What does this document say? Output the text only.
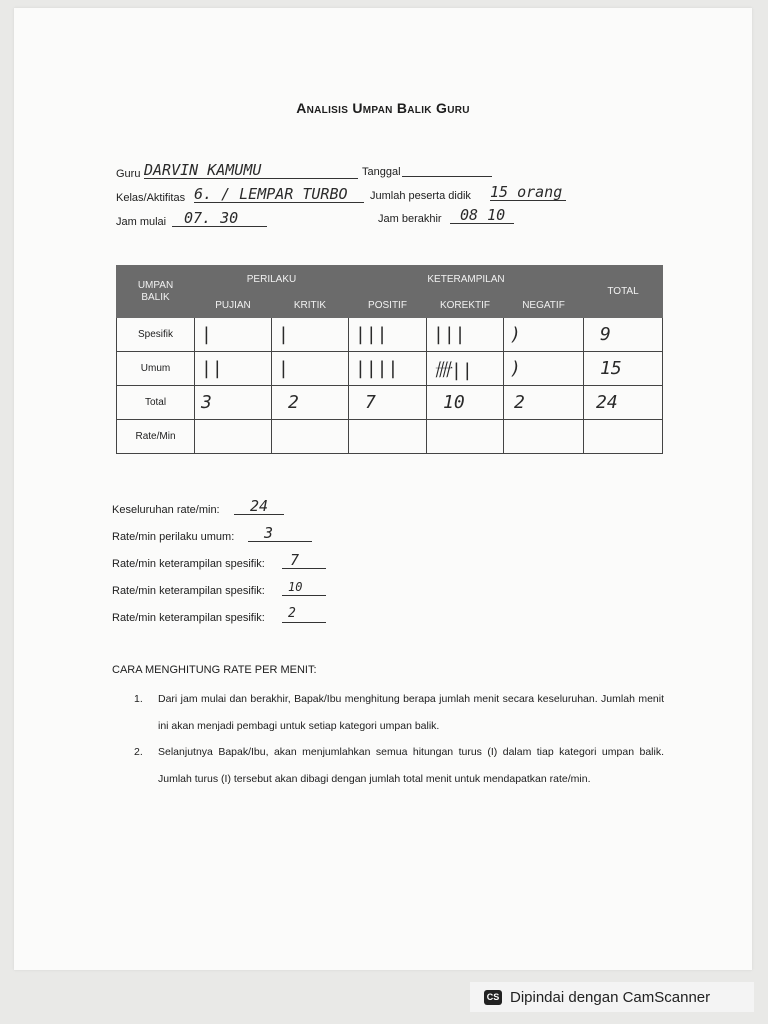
Analisis Umpan Balik Guru
Guru DARVIN KAMUMU	Tanggal
Kelas/Aktifitas 6. / LEMPAR TURBO	Jumlah peserta didik 15 orang
Jam mulai	07. 30	Jam berakhir	08 10
UMPAN BALIK	PERILAKU		KETERAMPILAN			TOTAL
	PUJIAN	KRITIK	POSITIF	KOREKTIF	NEGATIF	
Spesifik	|	|	|||	|||	)	9
Umum	||	|	||||	卌||	)	15
Total	3	2	7	10	2	24
Rate/Min						
Keseluruhan rate/min:	24
Rate/min perilaku umum:	3
Rate/min keterampilan spesifik:	7
Rate/min keterampilan spesifik:	10
Rate/min keterampilan spesifik:	2
CARA MENGHITUNG RATE PER MENIT:
1. Dari jam mulai dan berakhir, Bapak/Ibu menghitung berapa jumlah menit secara keseluruhan. Jumlah menit ini akan menjadi pembagi untuk setiap kategori umpan balik.
2. Selanjutnya Bapak/Ibu, akan menjumlahkan semua hitungan turus (I) dalam tiap kategori umpan balik. Jumlah turus (I) tersebut akan dibagi dengan jumlah total menit untuk mendapatkan rate/min.
CS Dipindai dengan CamScanner
